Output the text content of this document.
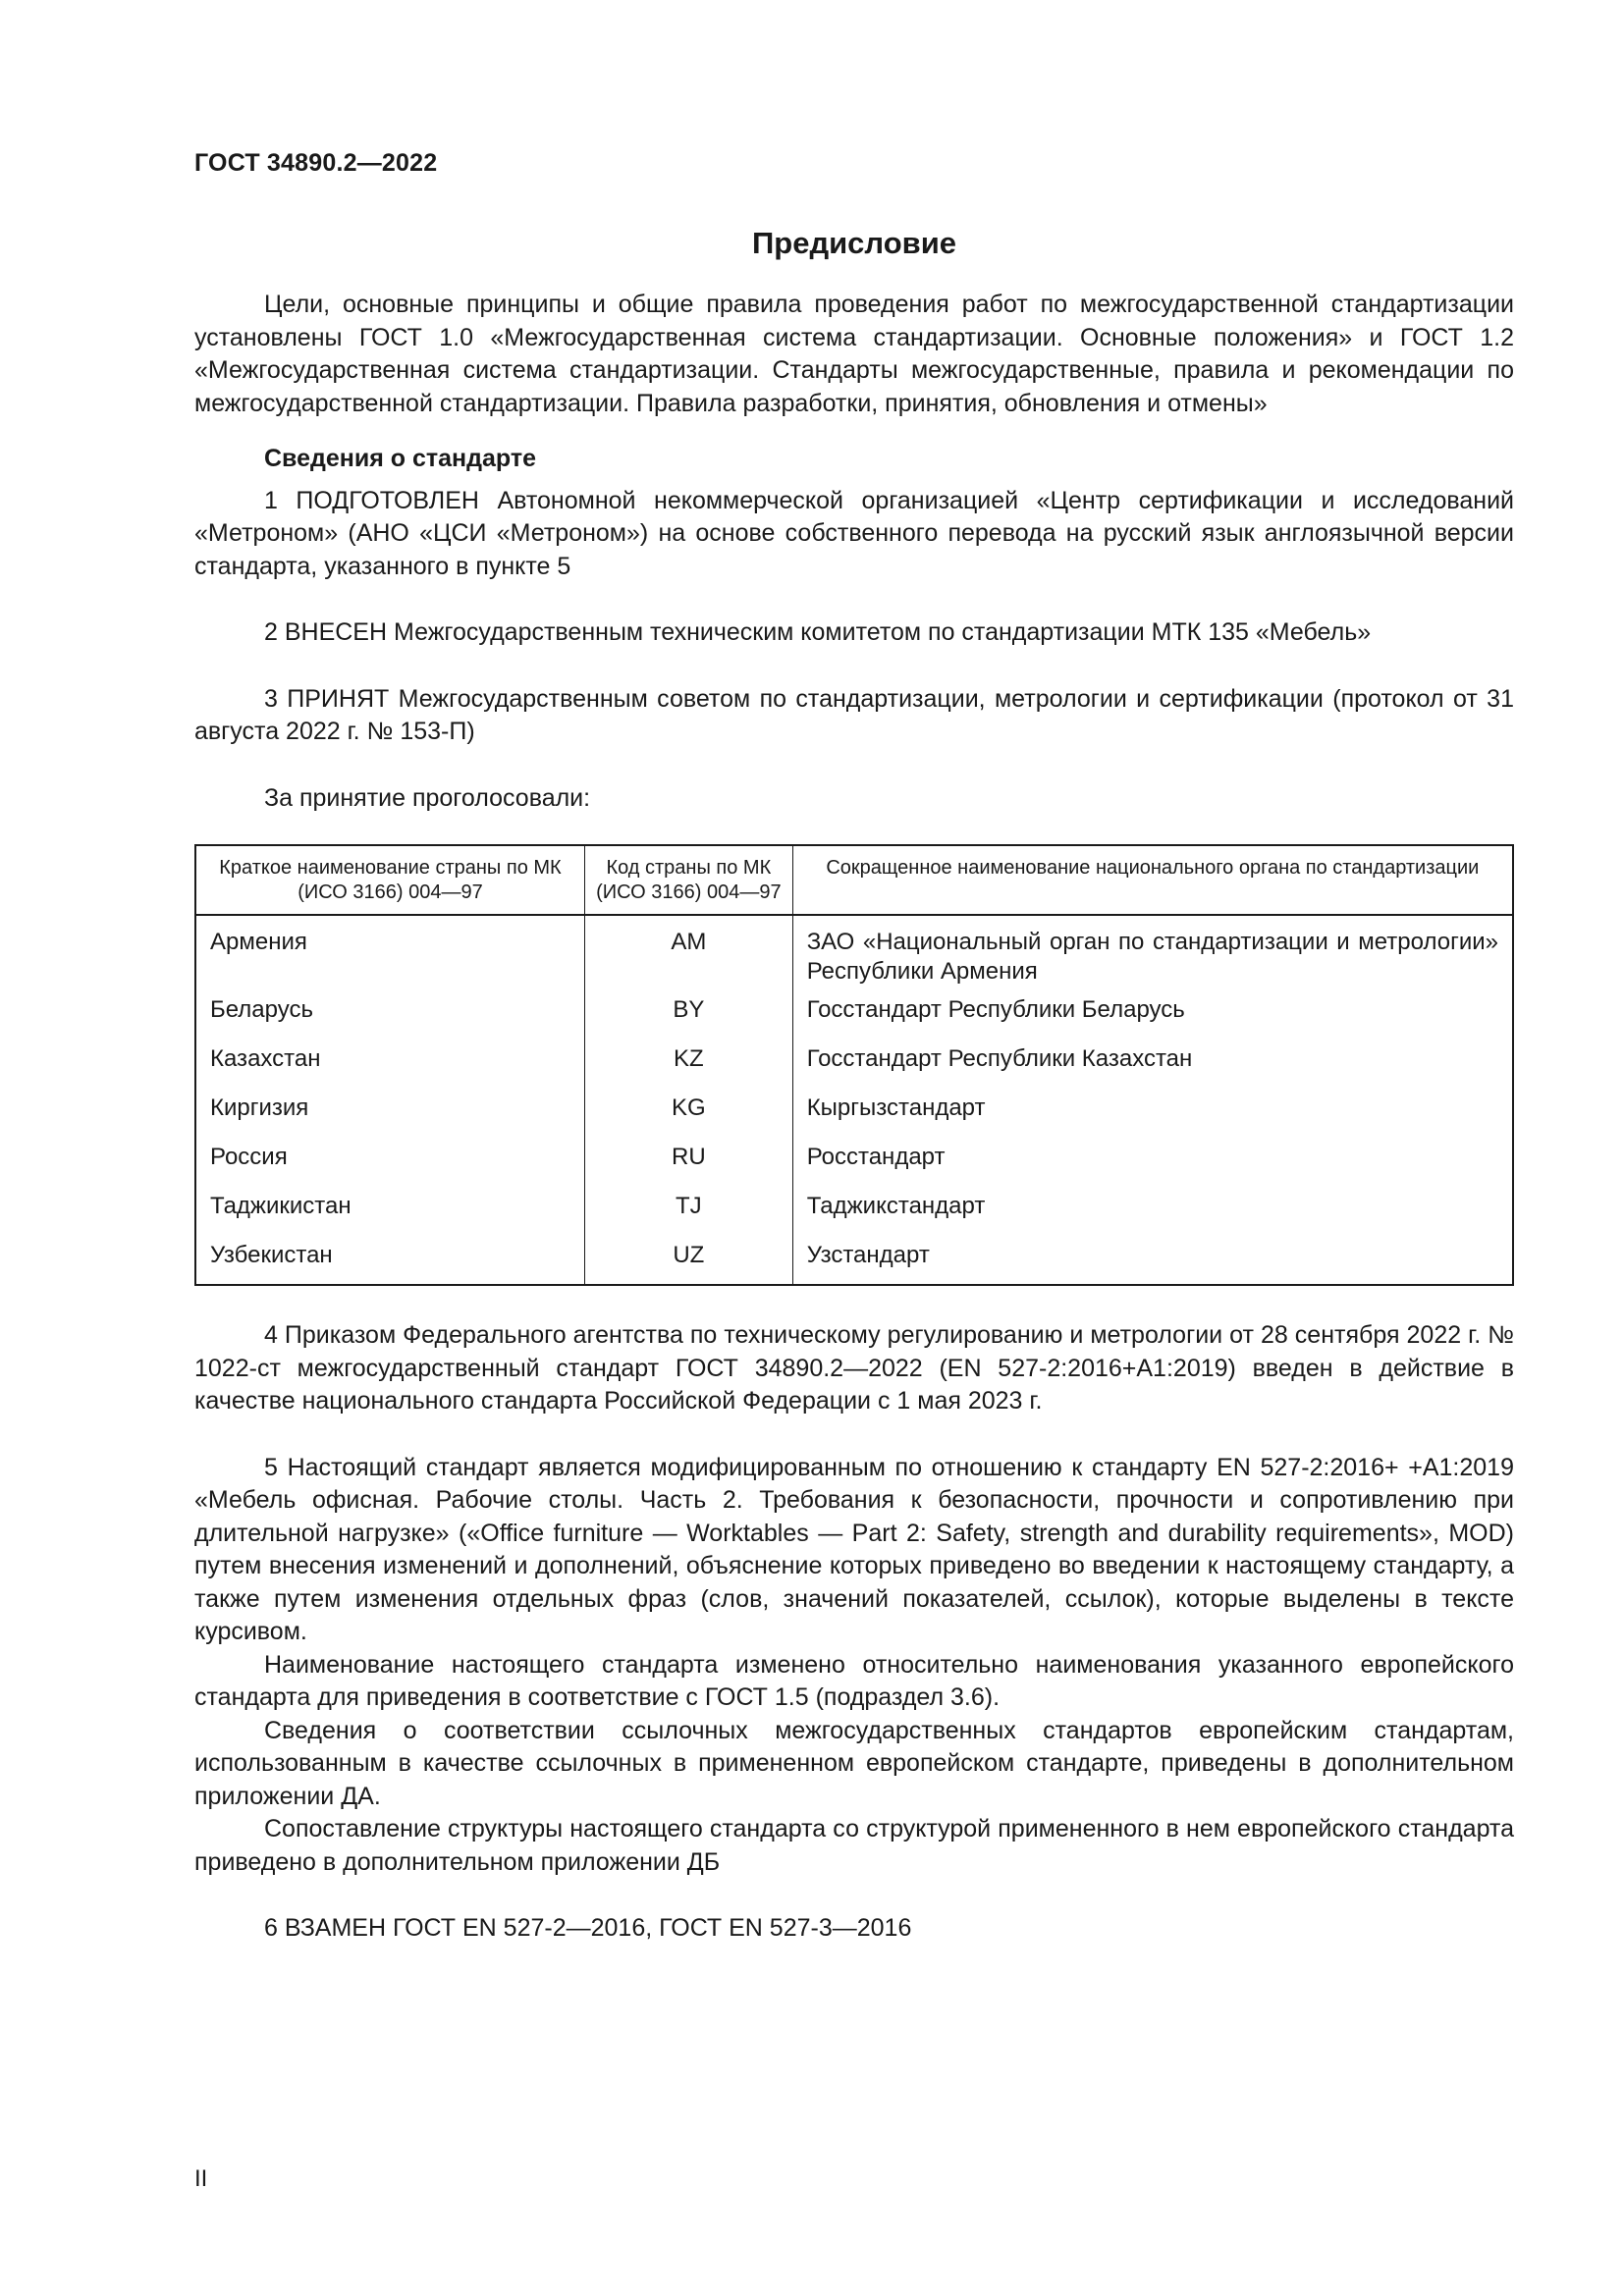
ГОСТ 34890.2—2022
Предисловие

Цели, основные принципы и общие правила проведения работ по межгосударственной стандартизации установлены ГОСТ 1.0 «Межгосударственная система стандартизации. Основные положения» и ГОСТ 1.2 «Межгосударственная система стандартизации. Стандарты межгосударственные, правила и рекомендации по межгосударственной стандартизации. Правила разработки, принятия, обновления и отмены»

Сведения о стандарте

1 ПОДГОТОВЛЕН Автономной некоммерческой организацией «Центр сертификации и исследований «Метроном» (АНО «ЦСИ «Метроном») на основе собственного перевода на русский язык англоязычной версии стандарта, указанного в пункте 5

2 ВНЕСЕН Межгосударственным техническим комитетом по стандартизации МТК 135 «Мебель»

3 ПРИНЯТ Межгосударственным советом по стандартизации, метрологии и сертификации (протокол от 31 августа 2022 г. № 153-П)

За принятие проголосовали:

Краткое наименование страны по МК (ИСО 3166) 004—97	Код страны по МК (ИСО 3166) 004—97	Сокращенное наименование национального органа по стандартизации
Армения	AM	ЗАО «Национальный орган по стандартизации и метрологии» Республики Армения
Беларусь	BY	Госстандарт Республики Беларусь
Казахстан	KZ	Госстандарт Республики Казахстан
Киргизия	KG	Кыргызстандарт
Россия	RU	Росстандарт
Таджикистан	TJ	Таджикстандарт
Узбекистан	UZ	Узстандарт

4 Приказом Федерального агентства по техническому регулированию и метрологии от 28 сентября 2022 г. № 1022-ст межгосударственный стандарт ГОСТ 34890.2—2022 (EN 527-2:2016+A1:2019) введен в действие в качестве национального стандарта Российской Федерации с 1 мая 2023 г.

5 Настоящий стандарт является модифицированным по отношению к стандарту EN 527-2:2016+ +A1:2019 «Мебель офисная. Рабочие столы. Часть 2. Требования к безопасности, прочности и сопротивлению при длительной нагрузке» («Office furniture — Worktables — Part 2: Safety, strength and durability requirements», MOD) путем внесения изменений и дополнений, объяснение которых приведено во введении к настоящему стандарту, а также путем изменения отдельных фраз (слов, значений показателей, ссылок), которые выделены в тексте курсивом.

Наименование настоящего стандарта изменено относительно наименования указанного европейского стандарта для приведения в соответствие с ГОСТ 1.5 (подраздел 3.6).

Сведения о соответствии ссылочных межгосударственных стандартов европейским стандартам, использованным в качестве ссылочных в примененном европейском стандарте, приведены в дополнительном приложении ДА.

Сопоставление структуры настоящего стандарта со структурой примененного в нем европейского стандарта приведено в дополнительном приложении ДБ

6 ВЗАМЕН ГОСТ EN 527-2—2016, ГОСТ EN 527-3—2016

II
